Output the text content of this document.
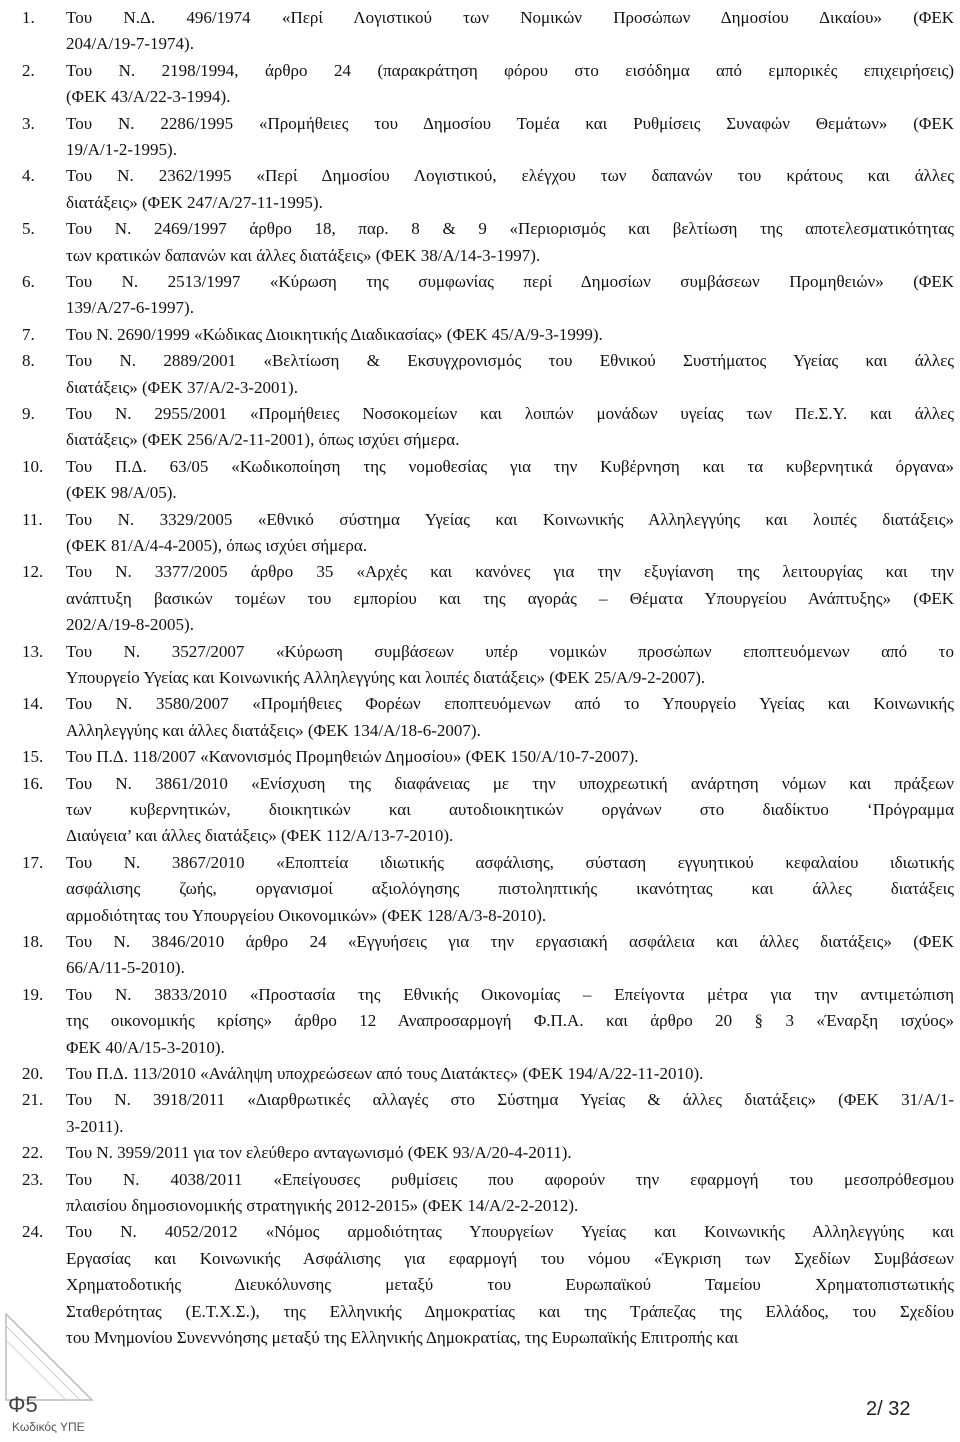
1.	Του Ν.Δ. 496/1974 «Περί Λογιστικού των Νομικών Προσώπων Δημοσίου Δικαίου» (ΦΕΚ
204/Α/19-7-1974).
2.	Του Ν. 2198/1994, άρθρο 24 (παρακράτηση φόρου στο εισόδημα από εμπορικές επιχειρήσεις)
(ΦΕΚ 43/Α/22-3-1994).
3.	Του Ν. 2286/1995 «Προμήθειες του Δημοσίου Τομέα και Ρυθμίσεις Συναφών Θεμάτων» (ΦΕΚ
19/Α/1-2-1995).
4.	Του Ν. 2362/1995 «Περί Δημοσίου Λογιστικού, ελέγχου των δαπανών του κράτους και άλλες
διατάξεις» (ΦΕΚ 247/Α/27-11-1995).
5.	Του Ν. 2469/1997 άρθρο 18, παρ. 8 & 9 «Περιορισμός και βελτίωση της αποτελεσματικότητας
των κρατικών δαπανών και άλλες διατάξεις» (ΦΕΚ 38/Α/14-3-1997).
6.	Του Ν. 2513/1997 «Κύρωση της συμφωνίας περί Δημοσίων συμβάσεων Προμηθειών» (ΦΕΚ
139/Α/27-6-1997).
7.	Του Ν. 2690/1999 «Κώδικας Διοικητικής Διαδικασίας» (ΦΕΚ 45/Α/9-3-1999).
8.	Του Ν. 2889/2001 «Βελτίωση & Εκσυγχρονισμός του Εθνικού Συστήματος Υγείας και άλλες
διατάξεις» (ΦΕΚ 37/Α/2-3-2001).
9.	Του Ν. 2955/2001 «Προμήθειες Νοσοκομείων και λοιπών μονάδων υγείας των Πε.Σ.Υ. και άλλες
διατάξεις» (ΦΕΚ 256/Α/2-11-2001), όπως ισχύει σήμερα.
10.	Του Π.Δ. 63/05 «Κωδικοποίηση της νομοθεσίας για την Κυβέρνηση και τα κυβερνητικά όργανα»
(ΦΕΚ 98/Α/05).
11.	Του Ν. 3329/2005 «Εθνικό σύστημα Υγείας και Κοινωνικής Αλληλεγγύης και λοιπές διατάξεις»
(ΦΕΚ 81/Α/4-4-2005), όπως ισχύει σήμερα.
12.	Του Ν. 3377/2005 άρθρο 35 «Αρχές και κανόνες για την εξυγίανση της λειτουργίας και την
ανάπτυξη βασικών τομέων του εμπορίου και της αγοράς – Θέματα Υπουργείου Ανάπτυξης» (ΦΕΚ
202/Α/19-8-2005).
13.	Του Ν. 3527/2007 «Κύρωση συμβάσεων υπέρ νομικών προσώπων εποπτευόμενων από το
Υπουργείο Υγείας και Κοινωνικής Αλληλεγγύης και λοιπές διατάξεις» (ΦΕΚ 25/Α/9-2-2007).
14.	Του Ν. 3580/2007 «Προμήθειες Φορέων εποπτευόμενων από το Υπουργείο Υγείας και Κοινωνικής
Αλληλεγγύης και άλλες διατάξεις» (ΦΕΚ 134/Α/18-6-2007).
15.	Του Π.Δ. 118/2007 «Κανονισμός Προμηθειών Δημοσίου» (ΦΕΚ 150/Α/10-7-2007).
16.	Του Ν. 3861/2010 «Ενίσχυση της διαφάνειας με την υποχρεωτική ανάρτηση νόμων και πράξεων
των κυβερνητικών, διοικητικών και αυτοδιοικητικών οργάνων στο διαδίκτυο ‘Πρόγραμμα
Διαύγεια’ και άλλες διατάξεις» (ΦΕΚ 112/Α/13-7-2010).
17.	Του Ν. 3867/2010 «Εποπτεία ιδιωτικής ασφάλισης, σύσταση εγγυητικού κεφαλαίου ιδιωτικής
ασφάλισης ζωής, οργανισμοί αξιολόγησης πιστοληπτικής ικανότητας και άλλες διατάξεις
αρμοδιότητας του Υπουργείου Οικονομικών» (ΦΕΚ 128/Α/3-8-2010).
18.	Του Ν. 3846/2010 άρθρο 24 «Εγγυήσεις για την εργασιακή ασφάλεια και άλλες διατάξεις» (ΦΕΚ
66/Α/11-5-2010).
19.	Του Ν. 3833/2010 «Προστασία της Εθνικής Οικονομίας – Επείγοντα μέτρα για την αντιμετώπιση
της οικονομικής κρίσης» άρθρο 12 Αναπροσαρμογή Φ.Π.Α. και άρθρο 20 § 3 «Έναρξη ισχύος»
ΦΕΚ 40/Α/15-3-2010).
20.	Του Π.Δ. 113/2010 «Ανάληψη υποχρεώσεων από τους Διατάκτες» (ΦΕΚ 194/Α/22-11-2010).
21.	Του Ν. 3918/2011 «Διαρθρωτικές αλλαγές στο Σύστημα Υγείας & άλλες διατάξεις» (ΦΕΚ 31/Α/1-
3-2011).
22.	Του Ν. 3959/2011 για τον ελεύθερο ανταγωνισμό (ΦΕΚ 93/Α/20-4-2011).
23.	Του Ν. 4038/2011 «Επείγουσες ρυθμίσεις που αφορούν την εφαρμογή του μεσοπρόθεσμου
πλαισίου δημοσιονομικής στρατηγικής 2012-2015» (ΦΕΚ 14/Α/2-2-2012).
24.	Του Ν. 4052/2012 «Νόμος αρμοδιότητας Υπουργείων Υγείας και Κοινωνικής Αλληλεγγύης και
Εργασίας και Κοινωνικής Ασφάλισης για εφαρμογή του νόμου «Έγκριση των Σχεδίων Συμβάσεων
Χρηματοδοτικής Διευκόλυνσης μεταξύ του Ευρωπαϊκού Ταμείου Χρηματοπιστωτικής
Σταθερότητας (Ε.Τ.Χ.Σ.), της Ελληνικής Δημοκρατίας και της Τράπεζας της Ελλάδος, του Σχεδίου
του Μνημονίου Συνεννόησης μεταξύ της Ελληνικής Δημοκρατίας, της Ευρωπαϊκής Επιτροπής και
Φ5
Κωδικός ΥΠΕ
2/ 32
